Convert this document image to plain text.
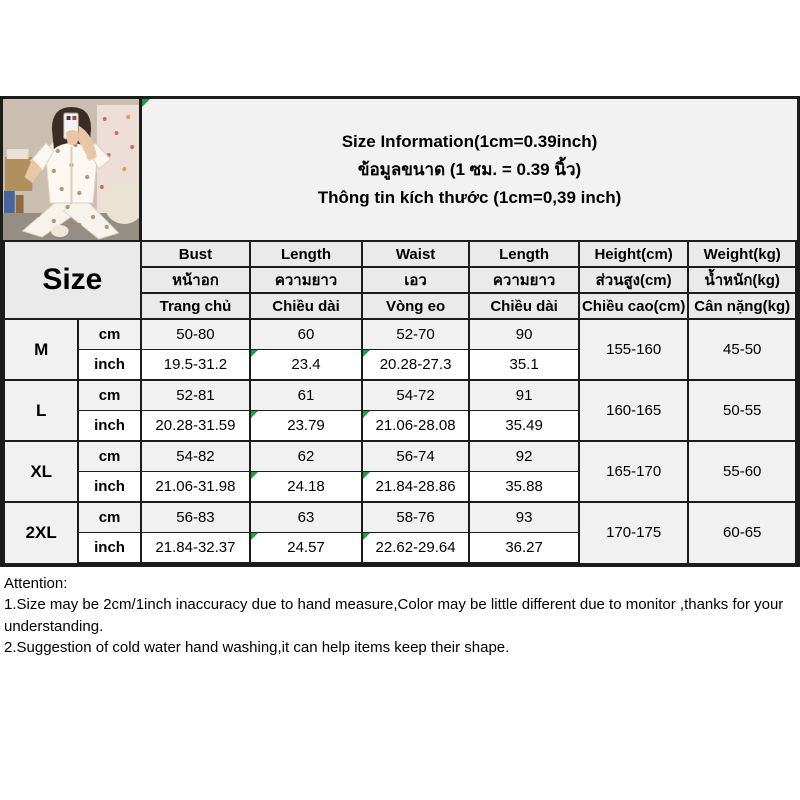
Size Information(1cm=0.39inch)
ข้อมูลขนาด (1 ซม. = 0.39 นิ้ว)
Thông tin kích thước (1cm=0,39 inch)
Size		Bust	Length	Waist	Length	Height(cm)	Weight(kg)
		หน้าอก	ความยาว	เอว	ความยาว	ส่วนสูง(cm)	น้ำหนัก(kg)
		Trang chủ	Chiều dài	Vòng eo	Chiều dài	Chiều cao(cm)	Cân nặng(kg)
M	cm	50-80	60	52-70	90	155-160	45-50
	inch	19.5-31.2	23.4	20.28-27.3	35.1		
L	cm	52-81	61	54-72	91	160-165	50-55
	inch	20.28-31.59	23.79	21.06-28.08	35.49		
XL	cm	54-82	62	56-74	92	165-170	55-60
	inch	21.06-31.98	24.18	21.84-28.86	35.88		
2XL	cm	56-83	63	58-76	93	170-175	60-65
	inch	21.84-32.37	24.57	22.62-29.64	36.27		

Attention:

1.Size may be 2cm/1inch inaccuracy due to hand measure,Color may be little different due to monitor ,thanks for your understanding.

2.Suggestion of cold water hand washing,it can help items keep their shape.
